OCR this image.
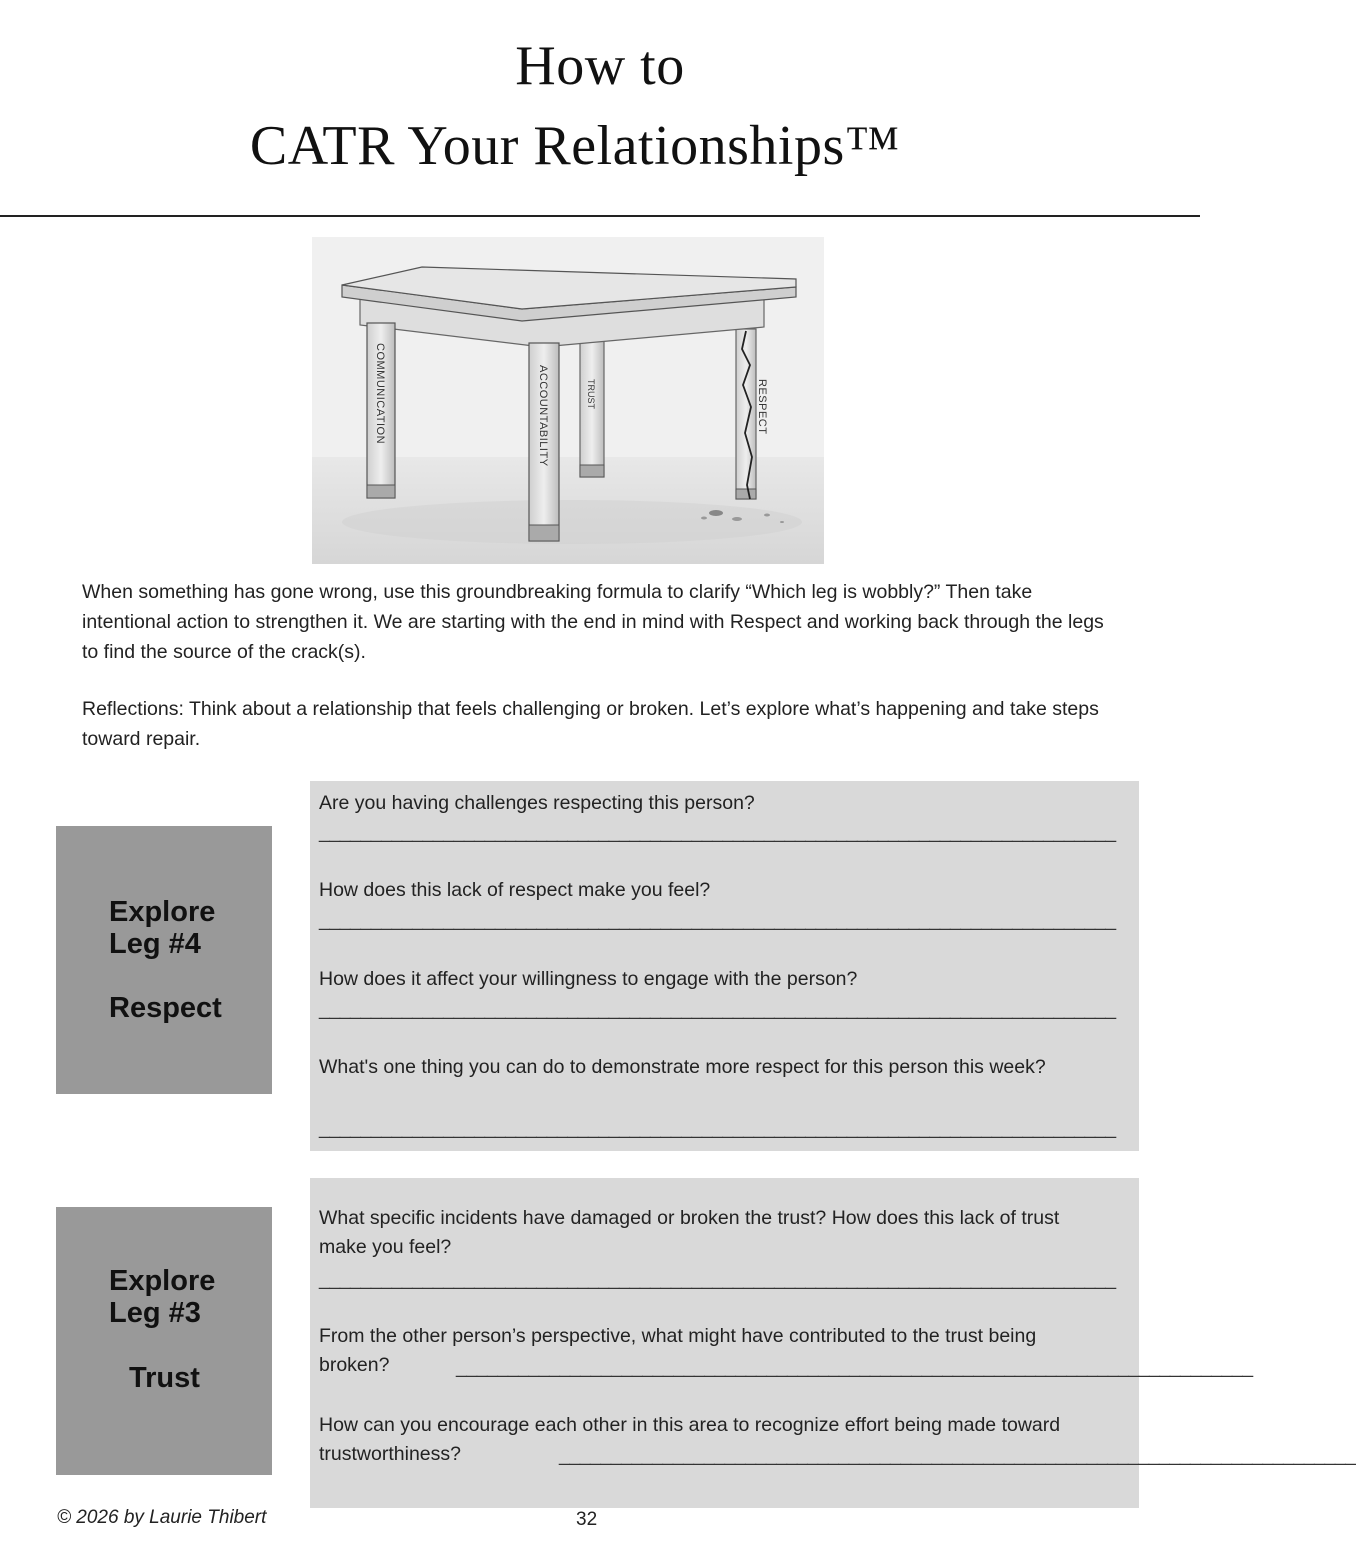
How to
CATR Your Relationships™
COMMUNICATION	ACCOUNTABILITY	TRUST	RESPECT
When something has gone wrong, use this groundbreaking formula to clarify “Which leg is wobbly?” Then take intentional action to strengthen it. We are starting with the end in mind with Respect and working back through the legs to find the source of the crack(s).
Reflections: Think about a relationship that feels challenging or broken. Let’s explore what’s happening and take steps toward repair.
Explore
Leg #4
Respect
Are you having challenges respecting this person?
_____________________________________________________________________________
How does this lack of respect make you feel?
_____________________________________________________________________________
How does it affect your willingness to engage with the person?
_____________________________________________________________________________
What's one thing you can do to demonstrate more respect for this person this week?
_____________________________________________________________________________
Explore
Leg #3
Trust
What specific incidents have damaged or broken the trust? How does this lack of trust make you feel?
_____________________________________________________________________________
From the other person’s perspective, what might have contributed to the trust being broken?	_____________________________________________________________________________
How can you encourage each other in this area to recognize effort being made toward trustworthiness?	_____________________________________________________________________________
© 2026 by Laurie Thibert	32
